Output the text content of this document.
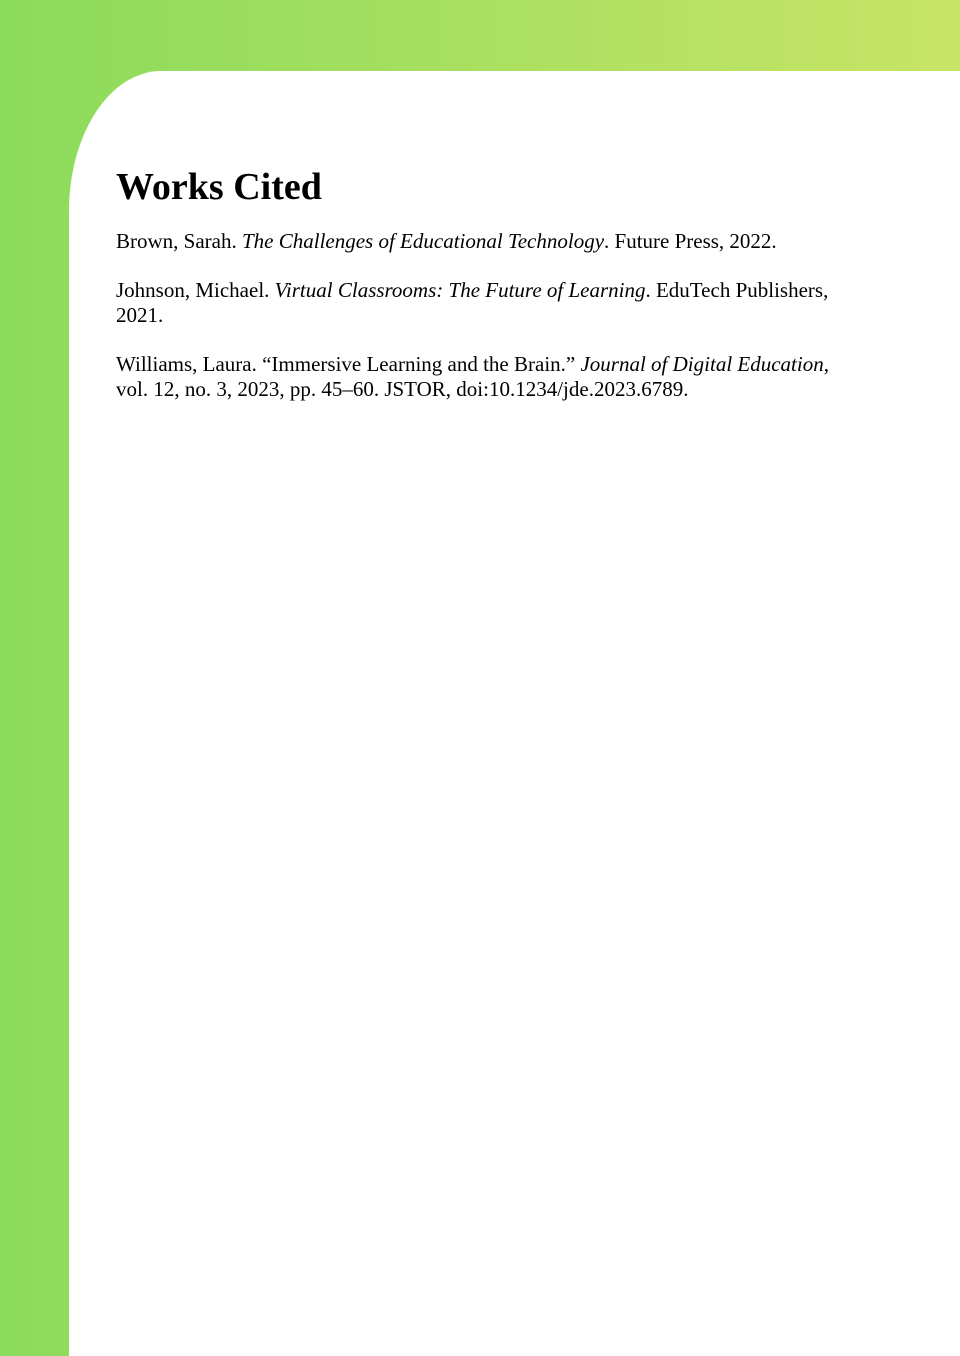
Works Cited

Brown, Sarah. The Challenges of Educational Technology. Future Press, 2022.

Johnson, Michael. Virtual Classrooms: The Future of Learning. EduTech Publishers, 2021.

Williams, Laura. “Immersive Learning and the Brain.” Journal of Digital Education, vol. 12, no. 3, 2023, pp. 45–60. JSTOR, doi:10.1234/jde.2023.6789.
